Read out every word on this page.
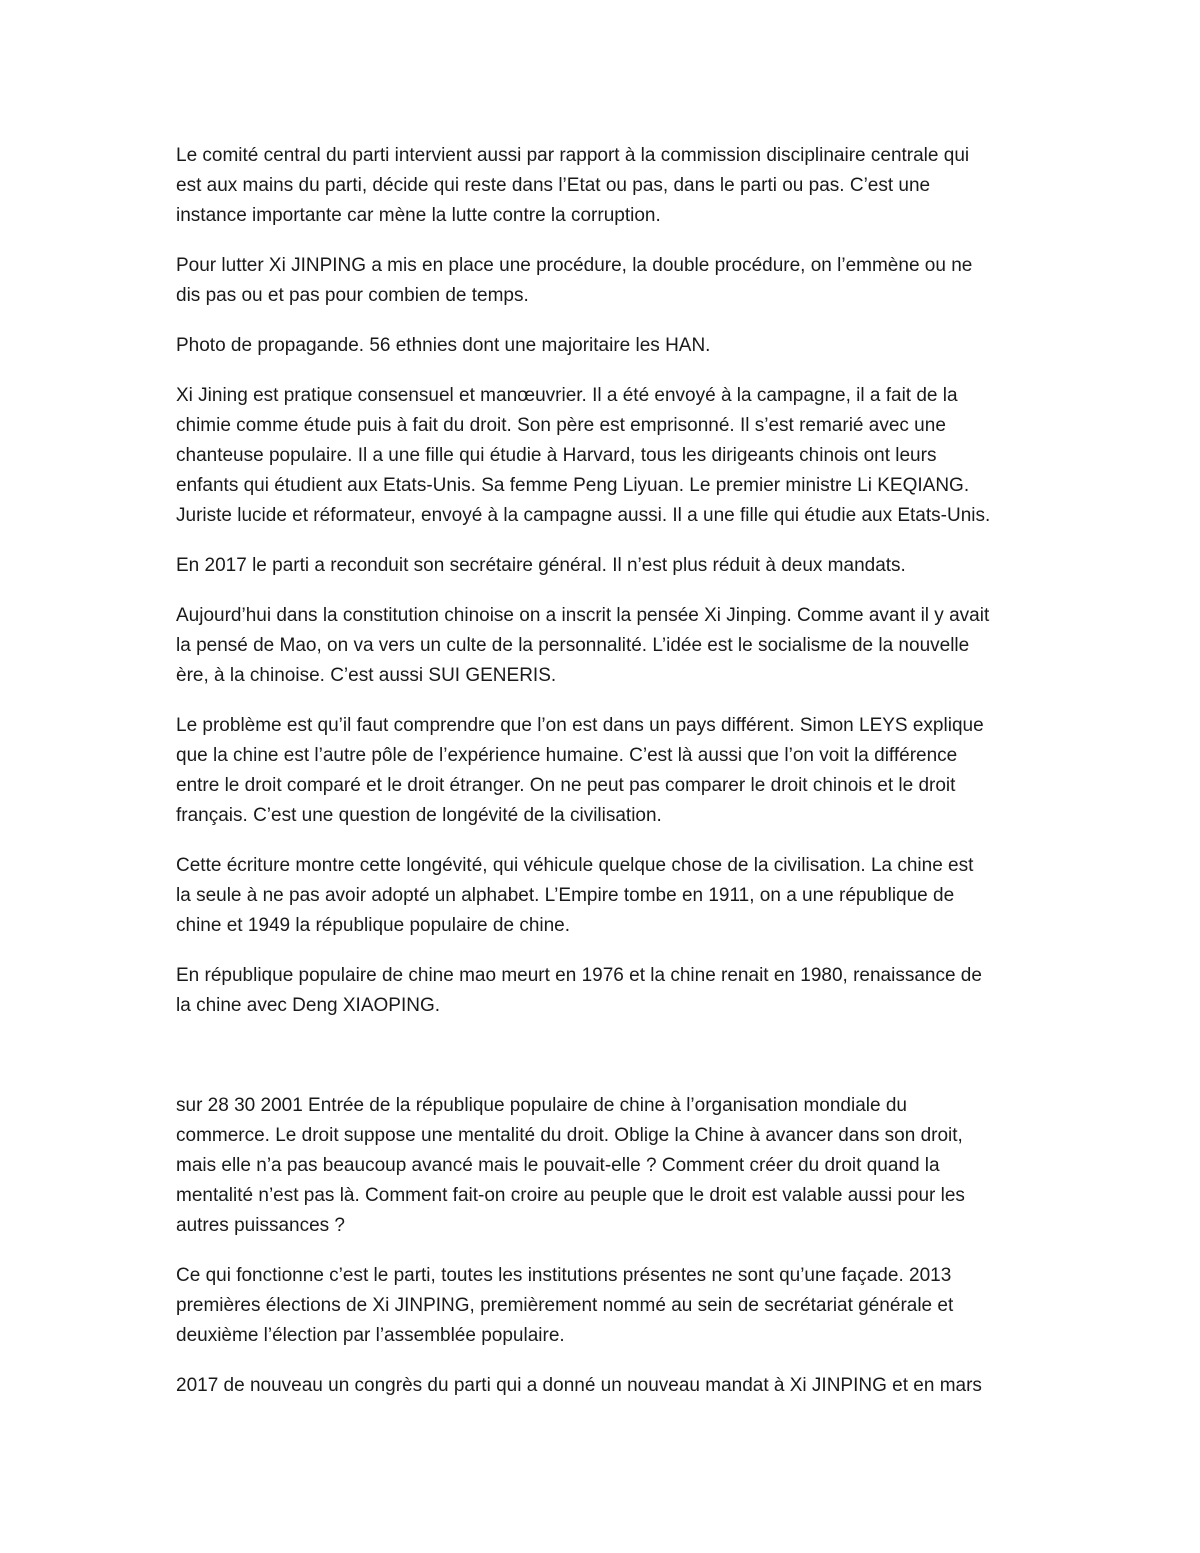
Le comité central du parti intervient aussi par rapport à la commission disciplinaire centrale qui
est aux mains du parti, décide qui reste dans l’Etat ou pas, dans le parti ou pas. C’est une
instance importante car mène la lutte contre la corruption.

Pour lutter Xi JINPING a mis en place une procédure, la double procédure, on l’emmène ou ne
dis pas ou et pas pour combien de temps.

Photo de propagande. 56 ethnies dont une majoritaire les HAN.

Xi Jining est pratique consensuel et manœuvrier. Il a été envoyé à la campagne, il a fait de la
chimie comme étude puis à fait du droit. Son père est emprisonné. Il s’est remarié avec une
chanteuse populaire. Il a une fille qui étudie à Harvard, tous les dirigeants chinois ont leurs
enfants qui étudient aux Etats-Unis. Sa femme Peng Liyuan. Le premier ministre Li KEQIANG.
Juriste lucide et réformateur, envoyé à la campagne aussi. Il a une fille qui étudie aux Etats-Unis.

En 2017 le parti a reconduit son secrétaire général. Il n’est plus réduit à deux mandats.

Aujourd’hui dans la constitution chinoise on a inscrit la pensée Xi Jinping. Comme avant il y avait
la pensé de Mao, on va vers un culte de la personnalité. L’idée est le socialisme de la nouvelle
ère, à la chinoise. C’est aussi SUI GENERIS.

Le problème est qu’il faut comprendre que l’on est dans un pays différent. Simon LEYS explique
que la chine est l’autre pôle de l’expérience humaine. C’est là aussi que l’on voit la différence
entre le droit comparé et le droit étranger. On ne peut pas comparer le droit chinois et le droit
français. C’est une question de longévité de la civilisation.

Cette écriture montre cette longévité, qui véhicule quelque chose de la civilisation. La chine est
la seule à ne pas avoir adopté un alphabet. L’Empire tombe en 1911, on a une république de
chine et 1949 la république populaire de chine.

En république populaire de chine mao meurt en 1976 et la chine renait en 1980, renaissance de
la chine avec Deng XIAOPING.

sur 28 30 2001 Entrée de la république populaire de chine à l’organisation mondiale du
commerce. Le droit suppose une mentalité du droit. Oblige la Chine à avancer dans son droit,
mais elle n’a pas beaucoup avancé mais le pouvait-elle ? Comment créer du droit quand la
mentalité n’est pas là. Comment fait-on croire au peuple que le droit est valable aussi pour les
autres puissances ?

Ce qui fonctionne c’est le parti, toutes les institutions présentes ne sont qu’une façade. 2013
premières élections de Xi JINPING, premièrement nommé au sein de secrétariat générale et
deuxième l’élection par l’assemblée populaire.

2017 de nouveau un congrès du parti qui a donné un nouveau mandat à Xi JINPING et en mars
